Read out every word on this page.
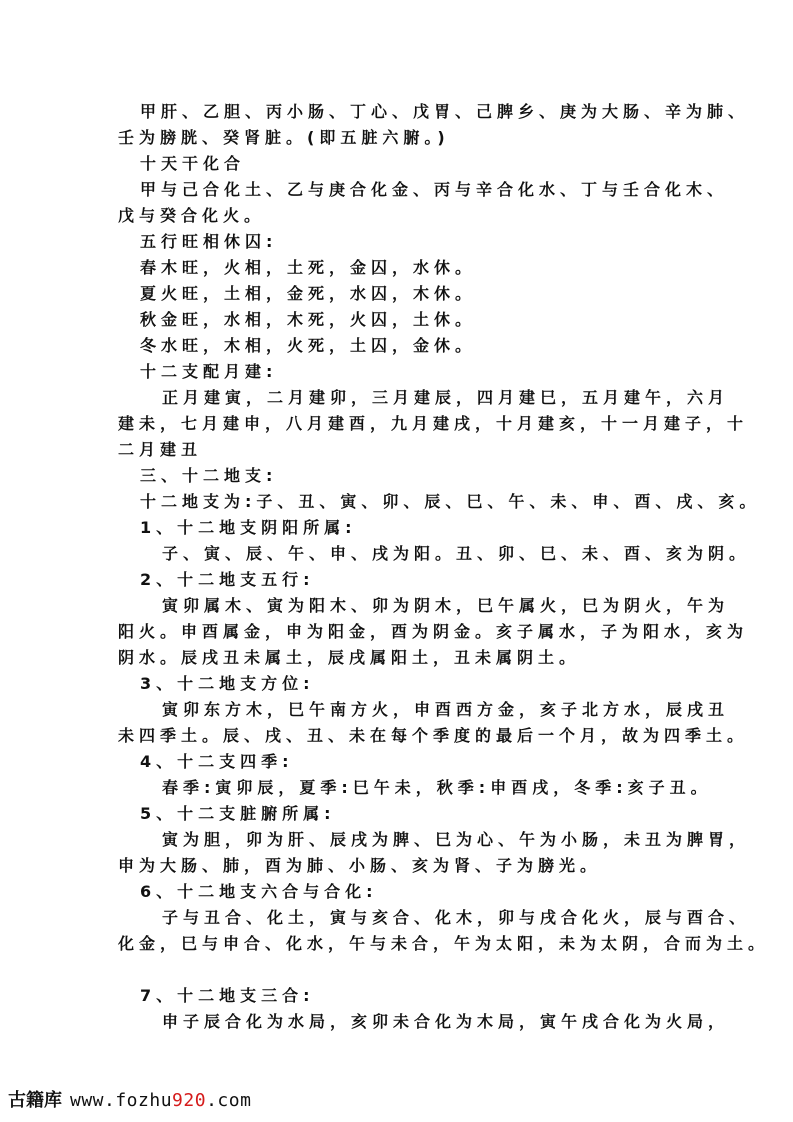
甲肝、乙胆、丙小肠、丁心、戊胃、己脾乡、庚为大肠、辛为肺、
壬为膀胱、癸肾脏。(即五脏六腑。)
十天干化合
甲与己合化土、乙与庚合化金、丙与辛合化水、丁与壬合化木、
戊与癸合化火。
五行旺相休囚:
春木旺，火相，土死，金囚，水休。
夏火旺，土相，金死，水囚，木休。
秋金旺，水相，木死，火囚，土休。
冬水旺，木相，火死，土囚，金休。
十二支配月建:
正月建寅，二月建卯，三月建辰，四月建巳，五月建午，六月
建未，七月建申，八月建酉，九月建戌，十月建亥，十一月建子，十
二月建丑
三、十二地支:
十二地支为:子、丑、寅、卯、辰、巳、午、未、申、酉、戌、亥。
1、十二地支阴阳所属:
子、寅、辰、午、申、戌为阳。丑、卯、巳、未、酉、亥为阴。
2、十二地支五行:
寅卯属木、寅为阳木、卯为阴木，巳午属火，巳为阴火，午为
阳火。申酉属金，申为阳金，酉为阴金。亥子属水，子为阳水，亥为
阴水。辰戌丑未属土，辰戌属阳土，丑未属阴土。
3、十二地支方位:
寅卯东方木，巳午南方火，申酉西方金，亥子北方水，辰戌丑
未四季土。辰、戌、丑、未在每个季度的最后一个月，故为四季土。
4、十二支四季:
春季:寅卯辰，夏季:巳午未，秋季:申酉戌，冬季:亥子丑。
5、十二支脏腑所属:
寅为胆，卯为肝、辰戌为脾、巳为心、午为小肠，未丑为脾胃，
申为大肠、肺，酉为肺、小肠、亥为肾、子为膀光。
6、十二地支六合与合化:
子与丑合、化土，寅与亥合、化木，卯与戌合化火，辰与酉合、
化金，巳与申合、化水，午与未合，午为太阳，未为太阴，合而为土。
7、十二地支三合:
申子辰合化为水局，亥卯未合化为木局，寅午戌合化为火局，
古籍库 www.fozhu920.com
